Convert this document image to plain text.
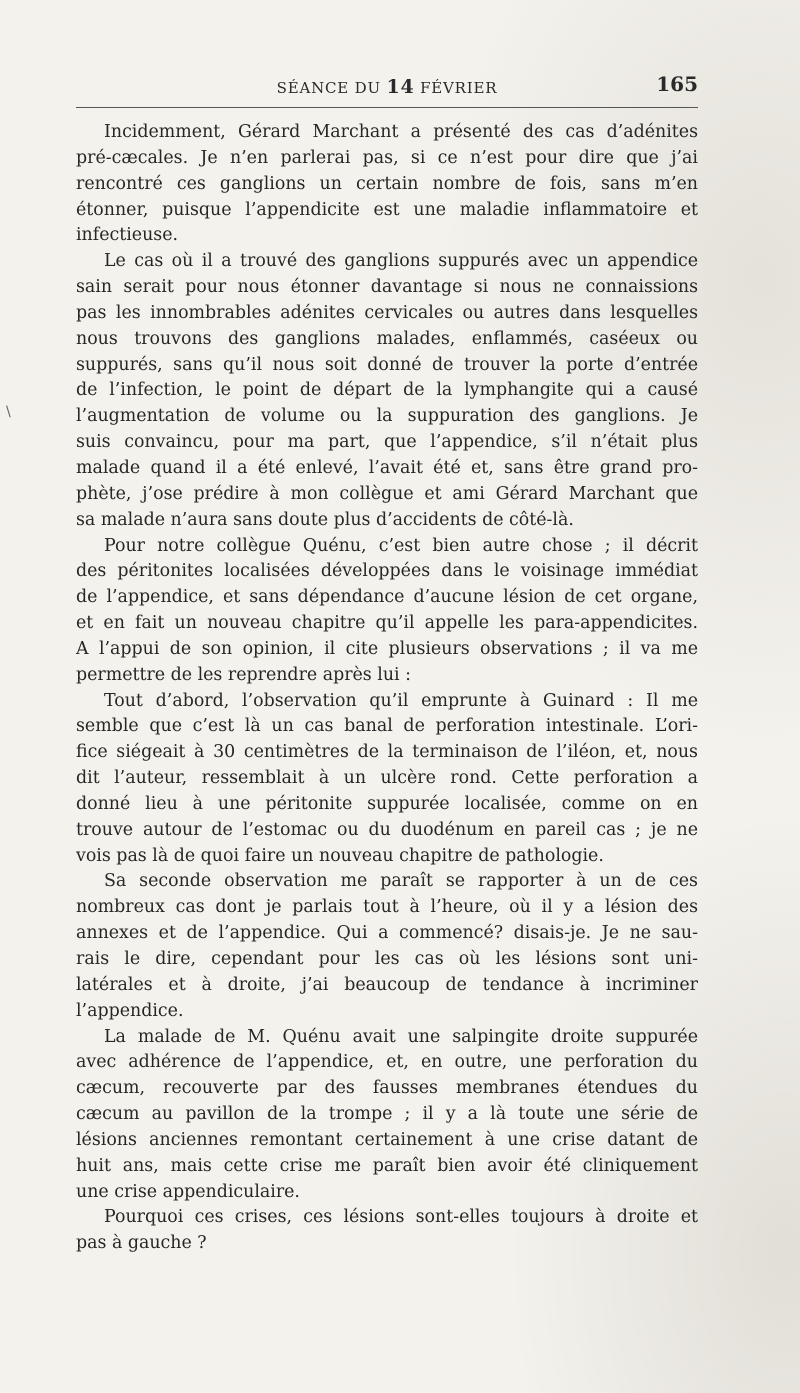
SÉANCE DU 14 FÉVRIER	165
\

Incidemment, Gérard Marchant a présenté des cas d’adénites
pré-cæcales. Je n’en parlerai pas, si ce n’est pour dire que j’ai
rencontré ces ganglions un certain nombre de fois, sans m’en
étonner, puisque l’appendicite est une maladie inflammatoire et
infectieuse.

Le cas où il a trouvé des ganglions suppurés avec un appendice
sain serait pour nous étonner davantage si nous ne connaissions
pas les innombrables adénites cervicales ou autres dans lesquelles
nous trouvons des ganglions malades, enflammés, caséeux ou
suppurés, sans qu’il nous soit donné de trouver la porte d’entrée
de l’infection, le point de départ de la lymphangite qui a causé
l’augmentation de volume ou la suppuration des ganglions. Je
suis convaincu, pour ma part, que l’appendice, s’il n’était plus
malade quand il a été enlevé, l’avait été et, sans être grand pro-
phète, j’ose prédire à mon collègue et ami Gérard Marchant que
sa malade n’aura sans doute plus d’accidents de côté-là.

Pour notre collègue Quénu, c’est bien autre chose ; il décrit
des péritonites localisées développées dans le voisinage immédiat
de l’appendice, et sans dépendance d’aucune lésion de cet organe,
et en fait un nouveau chapitre qu’il appelle les para-appendicites.
A l’appui de son opinion, il cite plusieurs observations ; il va me
permettre de les reprendre après lui :

Tout d’abord, l’observation qu’il emprunte à Guinard : Il me
semble que c’est là un cas banal de perforation intestinale. L’ori-
fice siégeait à 30 centimètres de la terminaison de l’iléon, et, nous
dit l’auteur, ressemblait à un ulcère rond. Cette perforation a
donné lieu à une péritonite suppurée localisée, comme on en
trouve autour de l’estomac ou du duodénum en pareil cas ; je ne
vois pas là de quoi faire un nouveau chapitre de pathologie.

Sa seconde observation me paraît se rapporter à un de ces
nombreux cas dont je parlais tout à l’heure, où il y a lésion des
annexes et de l’appendice. Qui a commencé? disais-je. Je ne sau-
rais le dire, cependant pour les cas où les lésions sont uni-
latérales et à droite, j’ai beaucoup de tendance à incriminer
l’appendice.

La malade de M. Quénu avait une salpingite droite suppurée
avec adhérence de l’appendice, et, en outre, une perforation du
cæcum, recouverte par des fausses membranes étendues du
cæcum au pavillon de la trompe ; il y a là toute une série de
lésions anciennes remontant certainement à une crise datant de
huit ans, mais cette crise me paraît bien avoir été cliniquement
une crise appendiculaire.

Pourquoi ces crises, ces lésions sont-elles toujours à droite et
pas à gauche ?
